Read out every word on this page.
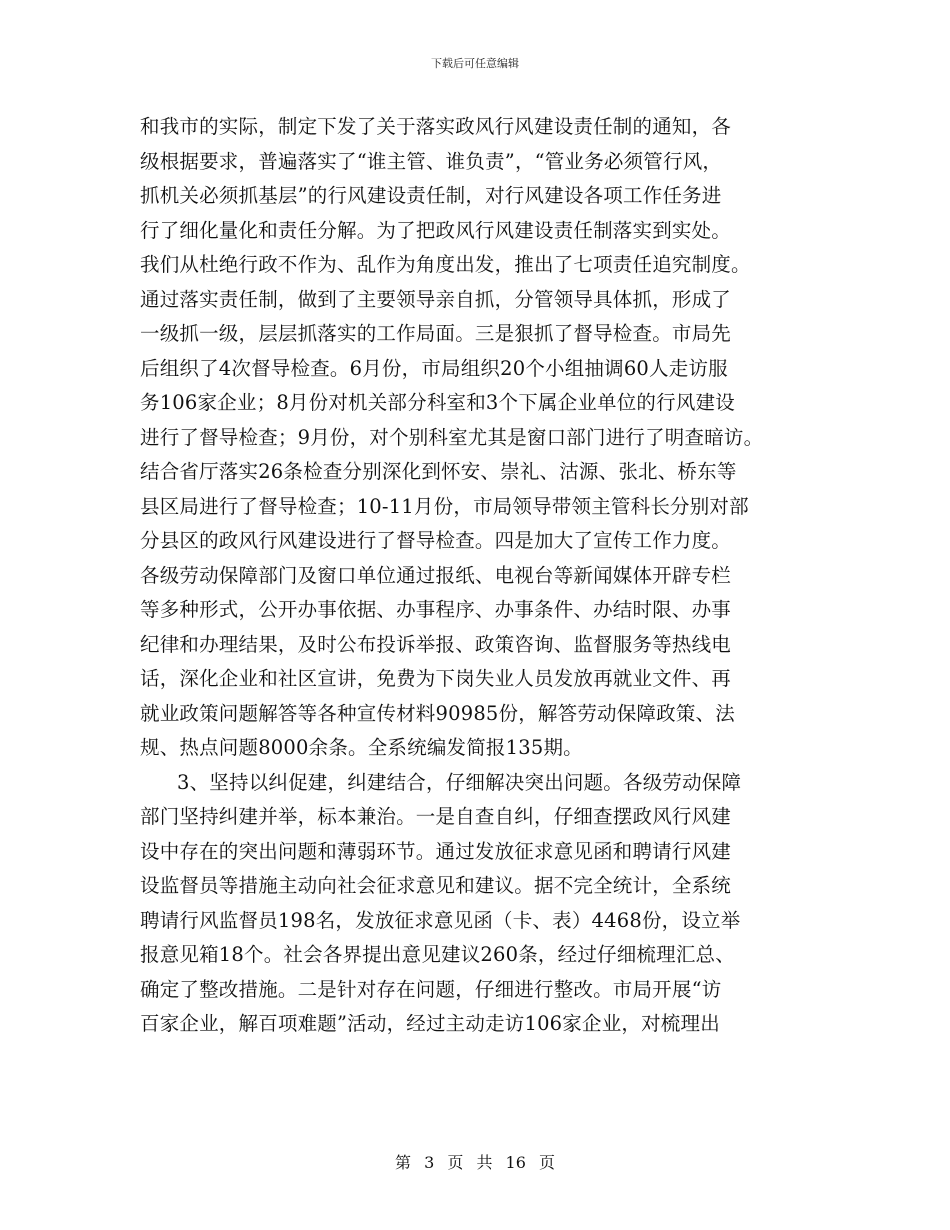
下载后可任意编辑
和我市的实际，制定下发了关于落实政风行风建设责任制的通知，各
级根据要求，普遍落实了“谁主管、谁负责”，“管业务必须管行风，
抓机关必须抓基层”的行风建设责任制，对行风建设各项工作任务进
行了细化量化和责任分解。为了把政风行风建设责任制落实到实处。
我们从杜绝行政不作为、乱作为角度出发，推出了七项责任追究制度。
通过落实责任制，做到了主要领导亲自抓，分管领导具体抓，形成了
一级抓一级，层层抓落实的工作局面。三是狠抓了督导检查。市局先
后组织了4次督导检查。6月份，市局组织20个小组抽调60人走访服
务106家企业；8月份对机关部分科室和3个下属企业单位的行风建设
进行了督导检查；9月份，对个别科室尤其是窗口部门进行了明查暗访。
结合省厅落实26条检查分别深化到怀安、崇礼、沽源、张北、桥东等
县区局进行了督导检查；10-11月份，市局领导带领主管科长分别对部
分县区的政风行风建设进行了督导检查。四是加大了宣传工作力度。
各级劳动保障部门及窗口单位通过报纸、电视台等新闻媒体开辟专栏
等多种形式，公开办事依据、办事程序、办事条件、办结时限、办事
纪律和办理结果，及时公布投诉举报、政策咨询、监督服务等热线电
话，深化企业和社区宣讲，免费为下岗失业人员发放再就业文件、再
就业政策问题解答等各种宣传材料90985份，解答劳动保障政策、法
规、热点问题8000余条。全系统编发简报135期。
3、坚持以纠促建，纠建结合，仔细解决突出问题。各级劳动保障
部门坚持纠建并举，标本兼治。一是自查自纠，仔细查摆政风行风建
设中存在的突出问题和薄弱环节。通过发放征求意见函和聘请行风建
设监督员等措施主动向社会征求意见和建议。据不完全统计，全系统
聘请行风监督员198名，发放征求意见函（卡、表）4468份，设立举
报意见箱18个。社会各界提出意见建议260条，经过仔细梳理汇总、
确定了整改措施。二是针对存在问题，仔细进行整改。市局开展“访
百家企业，解百项难题”活动，经过主动走访106家企业，对梳理出
第 3 页 共 16 页
